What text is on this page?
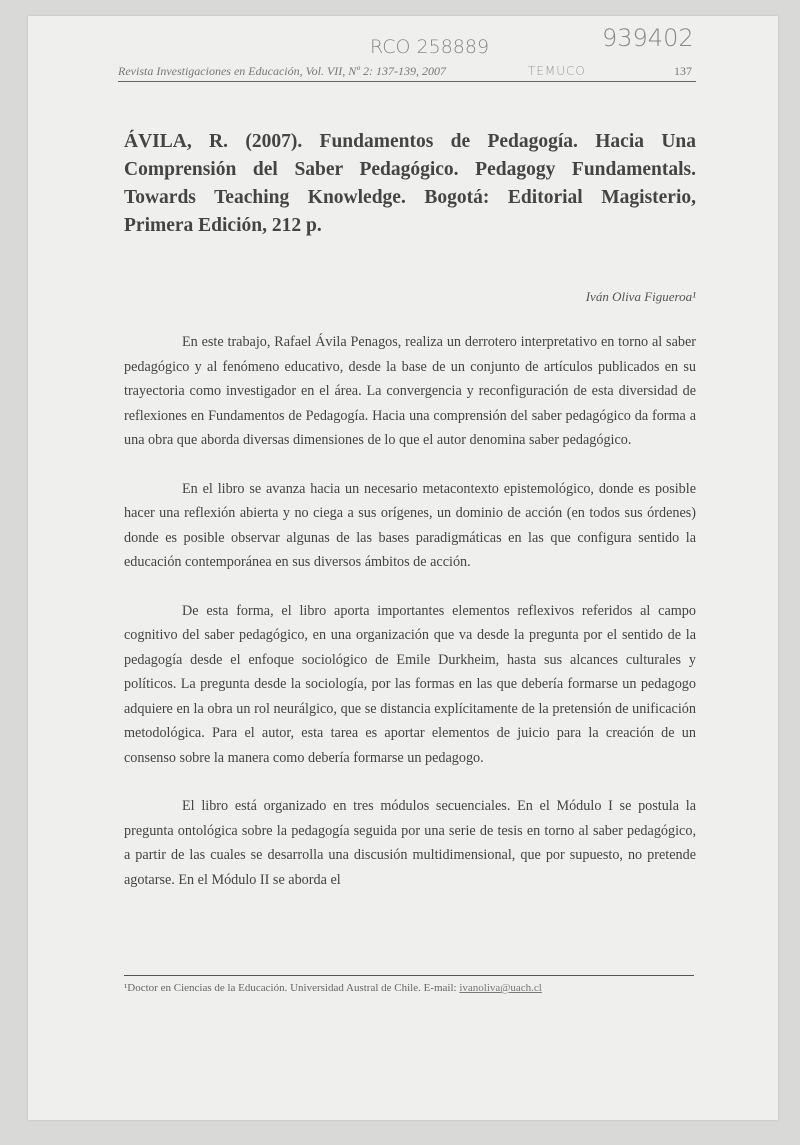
RCO 258889	939402
TEMUCO
Revista Investigaciones en Educación, Vol. VII, Nº 2: 137-139, 2007	137
ÁVILA, R. (2007). Fundamentos de Pedagogía. Hacia Una Comprensión del Saber Pedagógico. Pedagogy Fundamentals. Towards Teaching Knowledge. Bogotá: Editorial Magisterio, Primera Edición, 212 p.
Iván Oliva Figueroa¹

En este trabajo, Rafael Ávila Penagos, realiza un derrotero interpretativo en torno al saber pedagógico y al fenómeno educativo, desde la base de un conjunto de artículos publicados en su trayectoria como investigador en el área. La convergencia y reconfiguración de esta diversidad de reflexiones en Fundamentos de Pedagogía. Hacia una comprensión del saber pedagógico da forma a una obra que aborda diversas dimensiones de lo que el autor denomina saber pedagógico.

En el libro se avanza hacia un necesario metacontexto epistemológico, donde es posible hacer una reflexión abierta y no ciega a sus orígenes, un dominio de acción (en todos sus órdenes) donde es posible observar algunas de las bases paradigmáticas en las que configura sentido la educación contemporánea en sus diversos ámbitos de acción.

De esta forma, el libro aporta importantes elementos reflexivos referidos al campo cognitivo del saber pedagógico, en una organización que va desde la pregunta por el sentido de la pedagogía desde el enfoque sociológico de Emile Durkheim, hasta sus alcances culturales y políticos. La pregunta desde la sociología, por las formas en las que debería formarse un pedagogo adquiere en la obra un rol neurálgico, que se distancia explícitamente de la pretensión de unificación metodológica. Para el autor, esta tarea es aportar elementos de juicio para la creación de un consenso sobre la manera como debería formarse un pedagogo.

El libro está organizado en tres módulos secuenciales. En el Módulo I se postula la pregunta ontológica sobre la pedagogía seguida por una serie de tesis en torno al saber pedagógico, a partir de las cuales se desarrolla una discusión multidimensional, que por supuesto, no pretende agotarse. En el Módulo II se aborda el

¹Doctor en Ciencias de la Educación. Universidad Austral de Chile. E-mail: ivanoliva@uach.cl
